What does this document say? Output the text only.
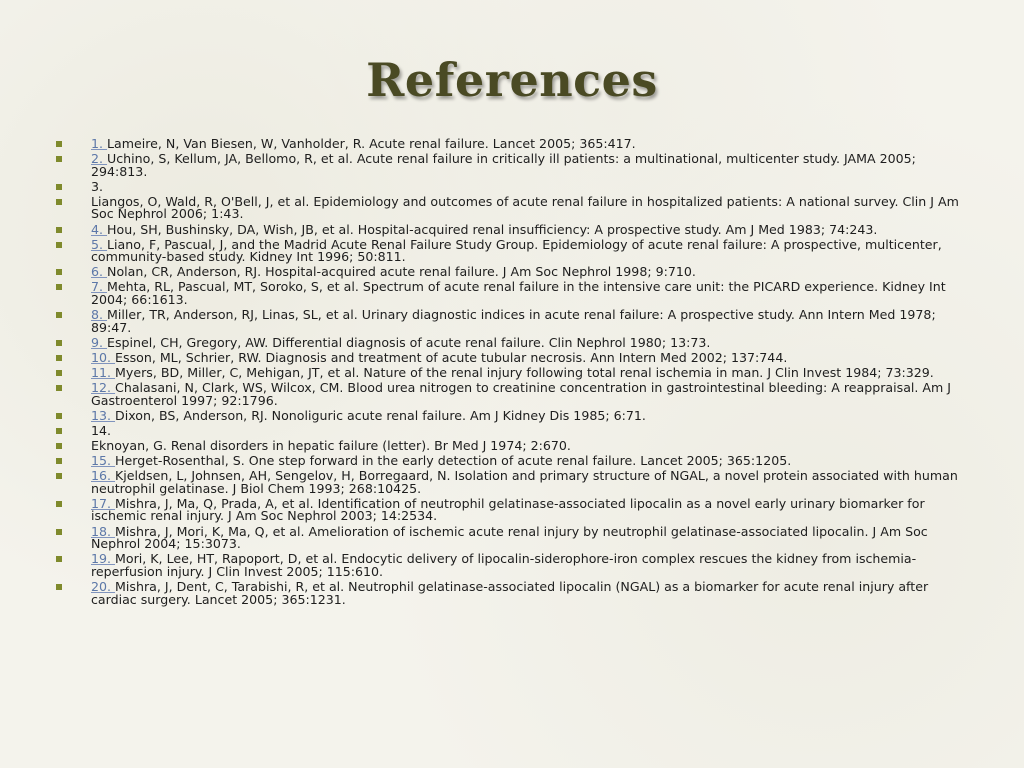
References
1. Lameire, N, Van Biesen, W, Vanholder, R. Acute renal failure. Lancet 2005; 365:417.
2. Uchino, S, Kellum, JA, Bellomo, R, et al. Acute renal failure in critically ill patients: a multinational, multicenter study. JAMA 2005; 294:813.
3.
Liangos, O, Wald, R, O'Bell, J, et al. Epidemiology and outcomes of acute renal failure in hospitalized patients: A national survey. Clin J Am Soc Nephrol 2006; 1:43.
4. Hou, SH, Bushinsky, DA, Wish, JB, et al. Hospital-acquired renal insufficiency: A prospective study. Am J Med 1983; 74:243.
5. Liano, F, Pascual, J, and the Madrid Acute Renal Failure Study Group. Epidemiology of acute renal failure: A prospective, multicenter, community-based study. Kidney Int 1996; 50:811.
6. Nolan, CR, Anderson, RJ. Hospital-acquired acute renal failure. J Am Soc Nephrol 1998; 9:710.
7. Mehta, RL, Pascual, MT, Soroko, S, et al. Spectrum of acute renal failure in the intensive care unit: the PICARD experience. Kidney Int 2004; 66:1613.
8. Miller, TR, Anderson, RJ, Linas, SL, et al. Urinary diagnostic indices in acute renal failure: A prospective study. Ann Intern Med 1978; 89:47.
9. Espinel, CH, Gregory, AW. Differential diagnosis of acute renal failure. Clin Nephrol 1980; 13:73.
10. Esson, ML, Schrier, RW. Diagnosis and treatment of acute tubular necrosis. Ann Intern Med 2002; 137:744.
11. Myers, BD, Miller, C, Mehigan, JT, et al. Nature of the renal injury following total renal ischemia in man. J Clin Invest 1984; 73:329.
12. Chalasani, N, Clark, WS, Wilcox, CM. Blood urea nitrogen to creatinine concentration in gastrointestinal bleeding: A reappraisal. Am J Gastroenterol 1997; 92:1796.
13. Dixon, BS, Anderson, RJ. Nonoliguric acute renal failure. Am J Kidney Dis 1985; 6:71.
14.
Eknoyan, G. Renal disorders in hepatic failure (letter). Br Med J 1974; 2:670.
15. Herget-Rosenthal, S. One step forward in the early detection of acute renal failure. Lancet 2005; 365:1205.
16. Kjeldsen, L, Johnsen, AH, Sengelov, H, Borregaard, N. Isolation and primary structure of NGAL, a novel protein associated with human neutrophil gelatinase. J Biol Chem 1993; 268:10425.
17. Mishra, J, Ma, Q, Prada, A, et al. Identification of neutrophil gelatinase-associated lipocalin as a novel early urinary biomarker for ischemic renal injury. J Am Soc Nephrol 2003; 14:2534.
18. Mishra, J, Mori, K, Ma, Q, et al. Amelioration of ischemic acute renal injury by neutrophil gelatinase-associated lipocalin. J Am Soc Nephrol 2004; 15:3073.
19. Mori, K, Lee, HT, Rapoport, D, et al. Endocytic delivery of lipocalin-siderophore-iron complex rescues the kidney from ischemia-reperfusion injury. J Clin Invest 2005; 115:610.
20. Mishra, J, Dent, C, Tarabishi, R, et al. Neutrophil gelatinase-associated lipocalin (NGAL) as a biomarker for acute renal injury after cardiac surgery. Lancet 2005; 365:1231.
